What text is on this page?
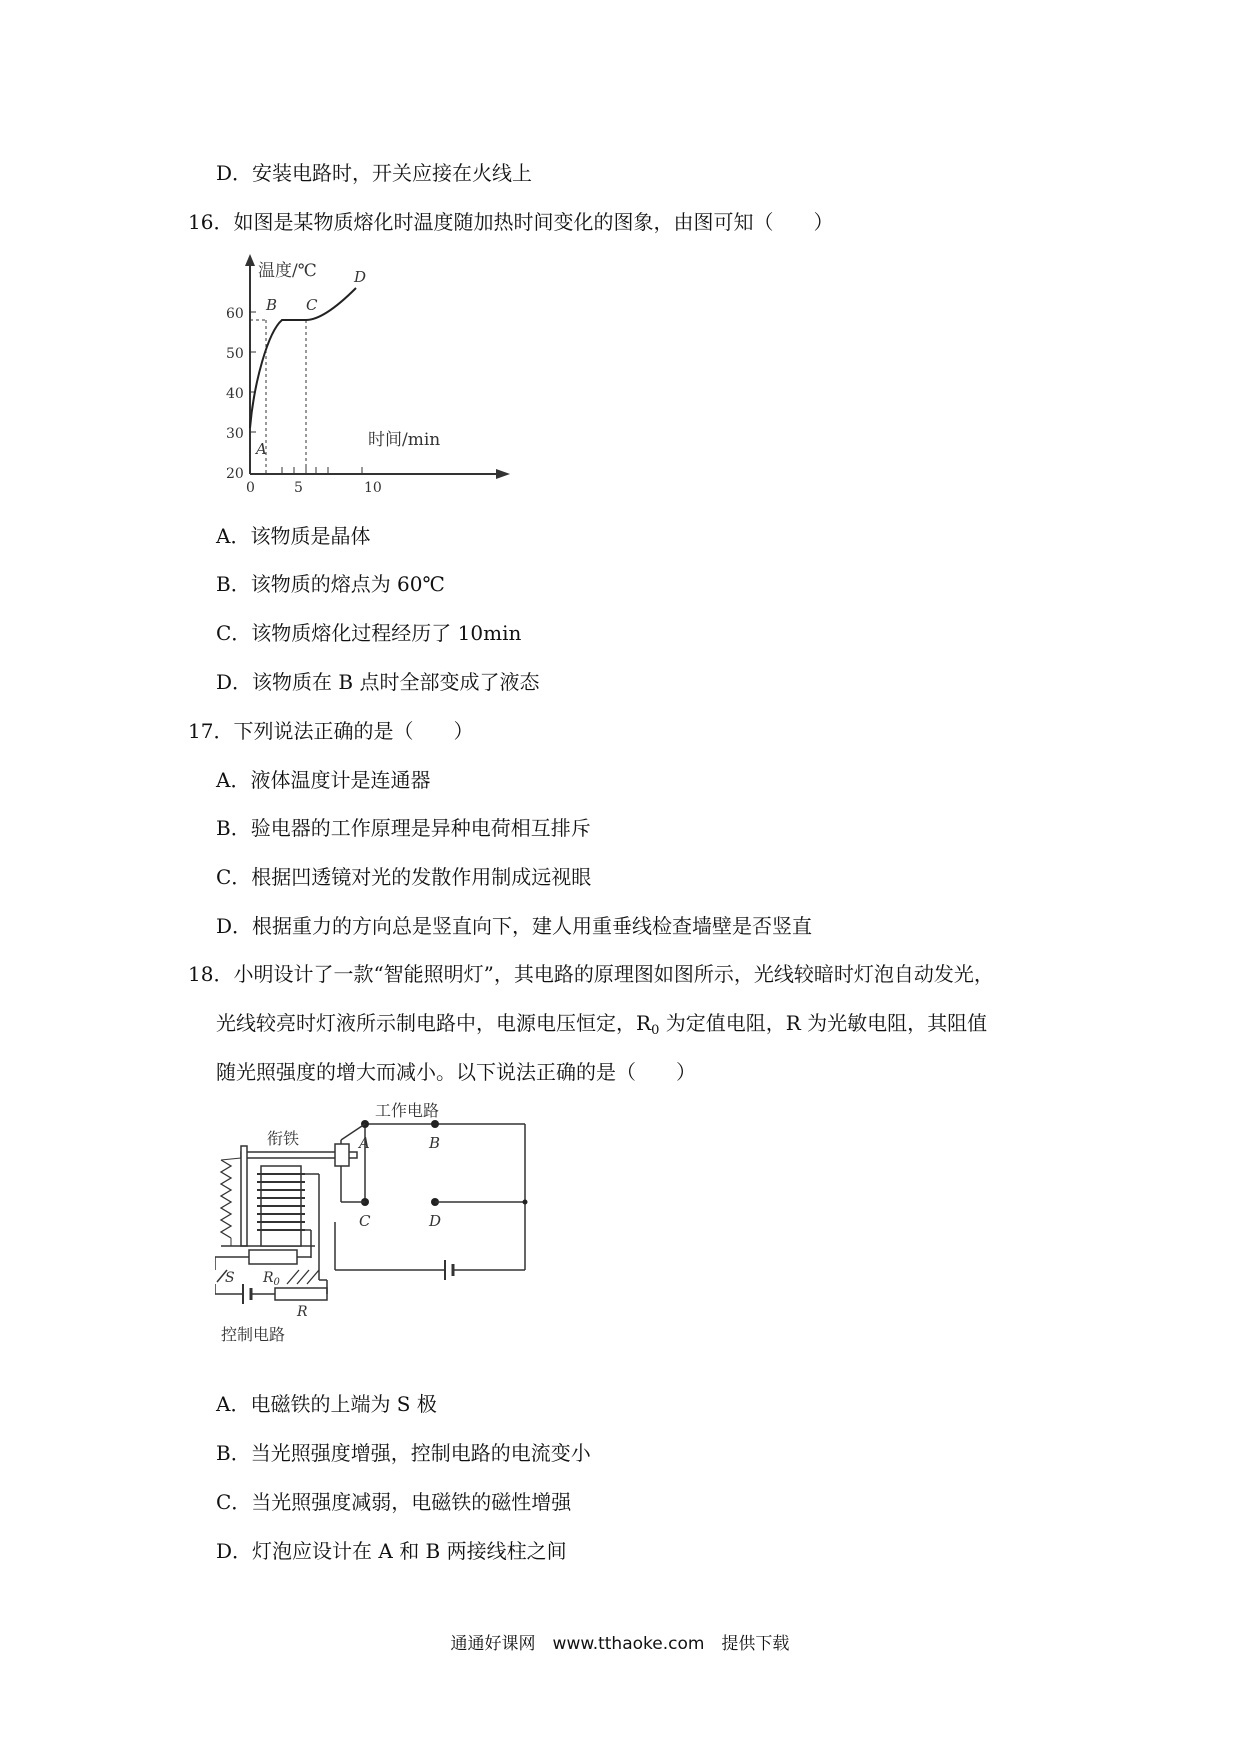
D．安装电路时，开关应接在火线上
16．如图是某物质熔化时温度随加热时间变化的图象，由图可知（　　）
温度/℃
时间/min
60
50
40
30
20
0	5	10
A
B C
D
A．该物质是晶体
B．该物质的熔点为 60℃
C．该物质熔化过程经历了 10min
D．该物质在 B 点时全部变成了液态
17．下列说法正确的是（　　）
A．液体温度计是连通器
B．验电器的工作原理是异种电荷相互排斥
C．根据凹透镜对光的发散作用制成远视眼
D．根据重力的方向总是竖直向下，建人用重垂线检查墙壁是否竖直
18．小明设计了一款“智能照明灯”，其电路的原理图如图所示，光线较暗时灯泡自动发光，
光线较亮时灯液所示制电路中，电源电压恒定，$R_0$ 为定值电阻，R 为光敏电阻，其阻值
随光照强度的增大而减小。以下说法正确的是（　　）
工作电路
衔铁	A	B
C	D
S $R_0$
R
控制电路
A．电磁铁的上端为 S 极
B．当光照强度增强，控制电路的电流变小
C．当光照强度减弱，电磁铁的磁性增强
D．灯泡应设计在 A 和 B 两接线柱之间
通通好课网　www.tthaoke.com　提供下载
